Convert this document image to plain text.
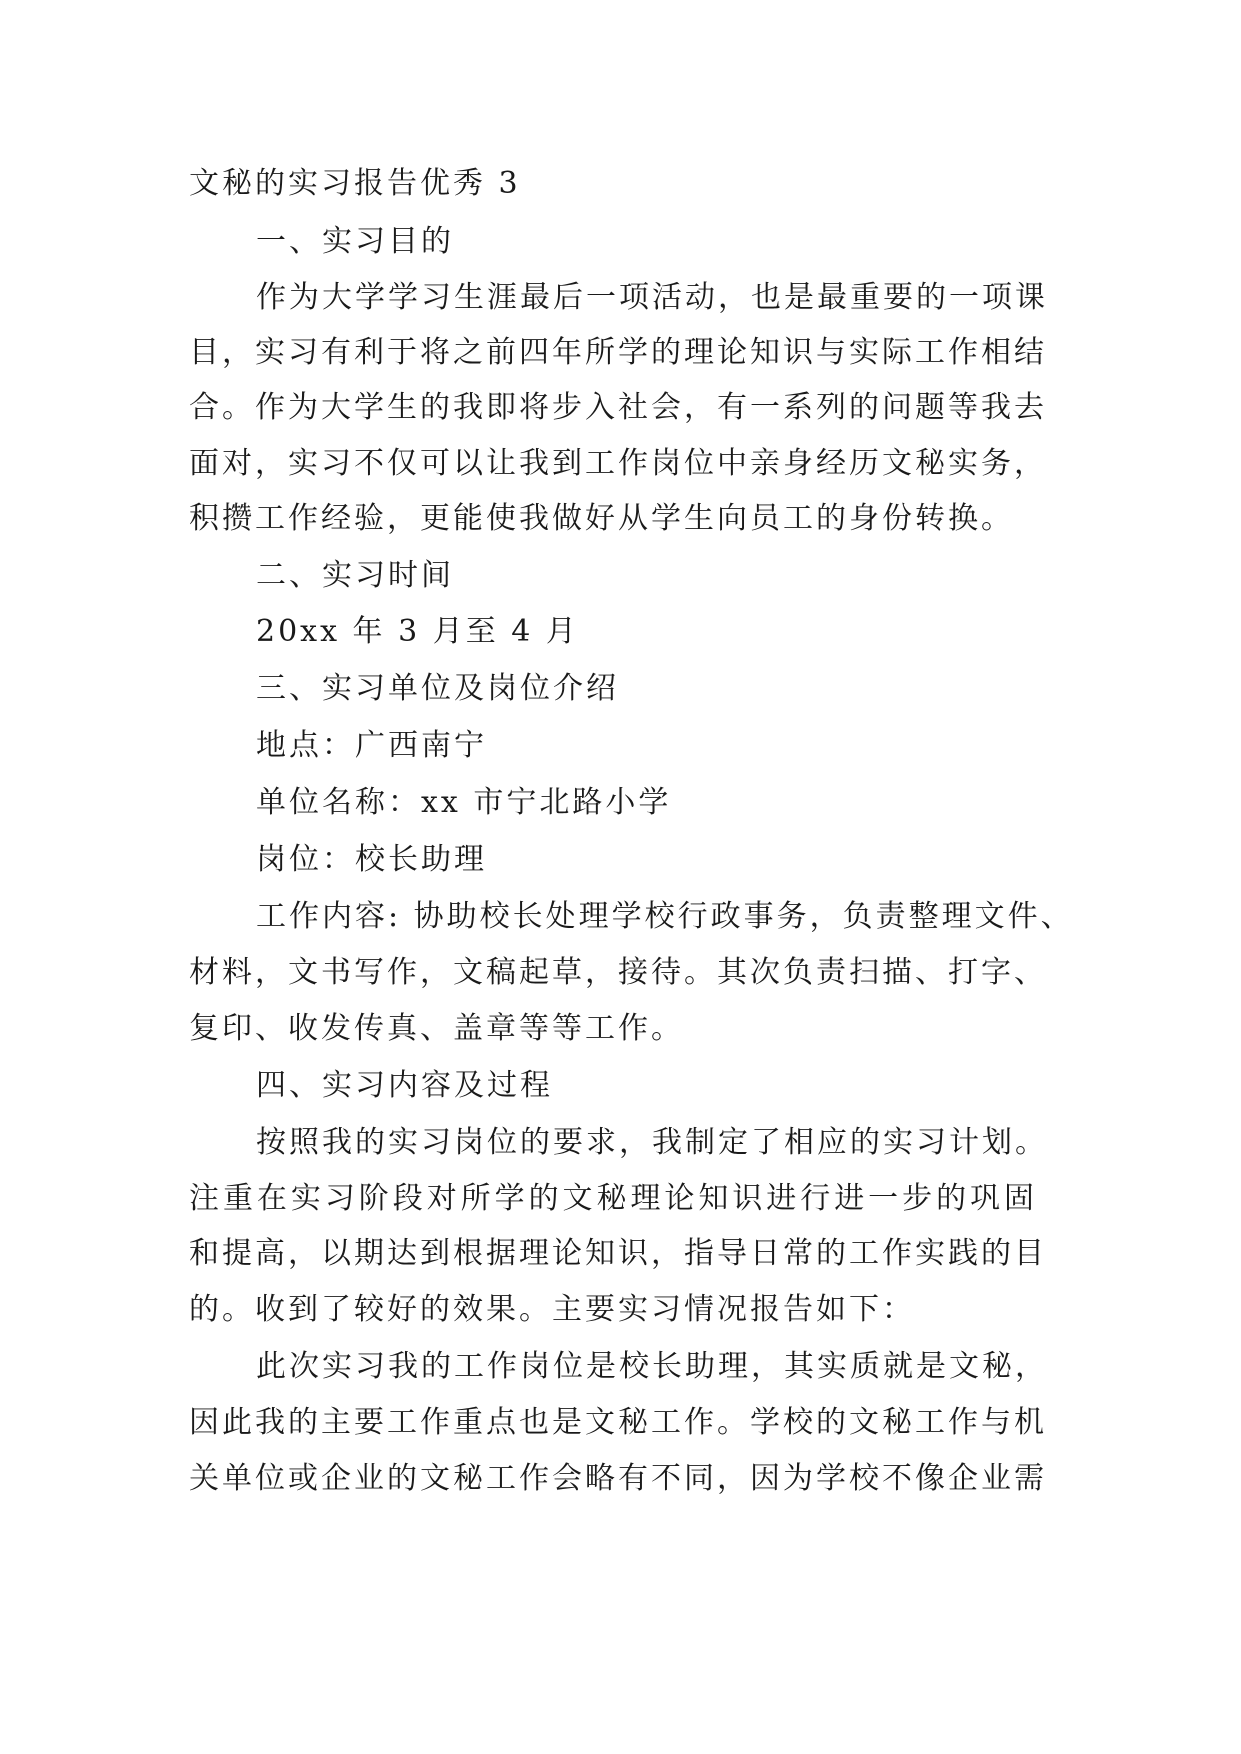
文秘的实习报告优秀 3

一、实习目的

作为大学学习生涯最后一项活动，也是最重要的一项课

目，实习有利于将之前四年所学的理论知识与实际工作相结

合。作为大学生的我即将步入社会，有一系列的问题等我去

面对，实习不仅可以让我到工作岗位中亲身经历文秘实务，

积攒工作经验，更能使我做好从学生向员工的身份转换。

二、实习时间

20xx 年 3 月至 4 月

三、实习单位及岗位介绍

地点：广西南宁

单位名称：xx 市宁北路小学

岗位：校长助理

工作内容: 协助校长处理学校行政事务，负责整理文件、

材料，文书写作，文稿起草，接待。其次负责扫描、打字、

复印、收发传真、盖章等等工作。

四、实习内容及过程

按照我的实习岗位的要求，我制定了相应的实习计划。

注重在实习阶段对所学的文秘理论知识进行进一步的巩固

和提高，以期达到根据理论知识，指导日常的工作实践的目

的。收到了较好的效果。主要实习情况报告如下：

此次实习我的工作岗位是校长助理，其实质就是文秘，

因此我的主要工作重点也是文秘工作。学校的文秘工作与机

关单位或企业的文秘工作会略有不同，因为学校不像企业需
